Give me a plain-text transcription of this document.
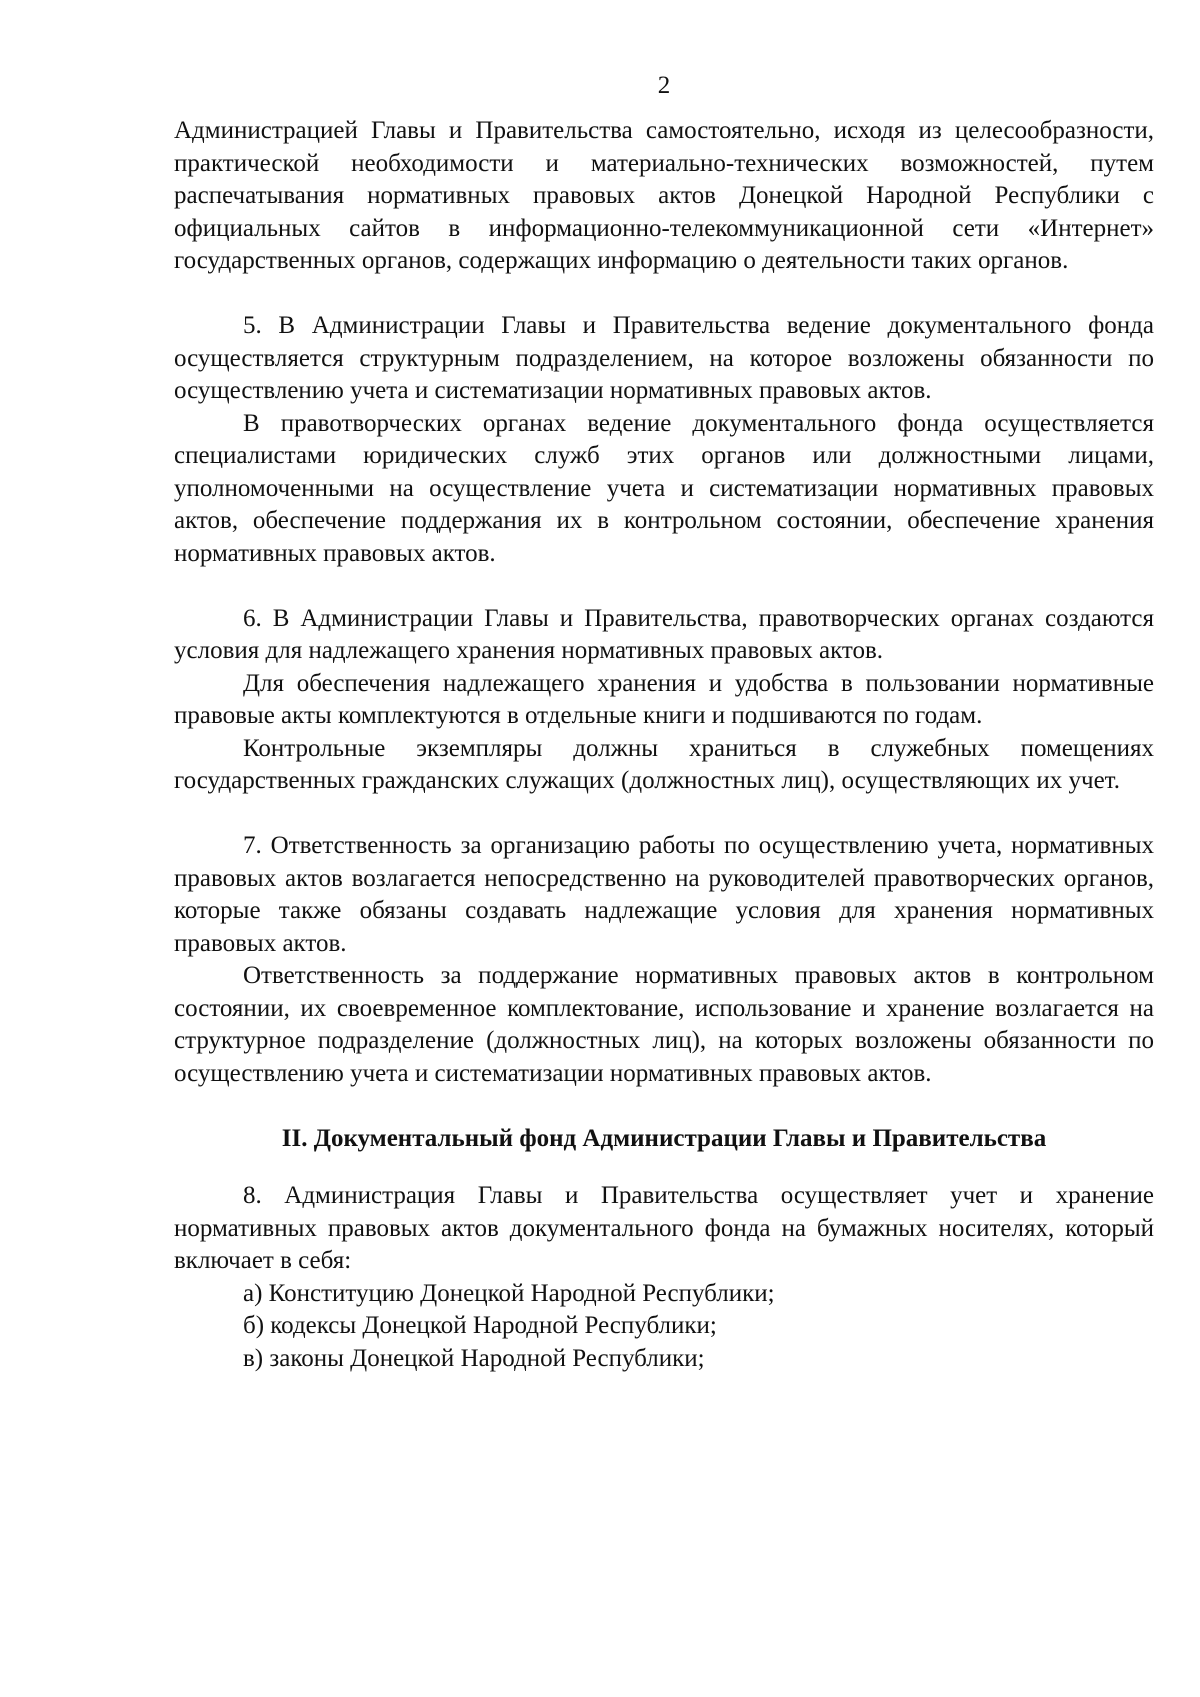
2

Администрацией Главы и Правительства самостоятельно, исходя из целесообразности, практической необходимости и материально-технических возможностей, путем распечатывания нормативных правовых актов Донецкой Народной Республики с официальных сайтов в информационно-телекоммуникационной сети «Интернет» государственных органов, содержащих информацию о деятельности таких органов.

5. В Администрации Главы и Правительства ведение документального фонда осуществляется структурным подразделением, на которое возложены обязанности по осуществлению учета и систематизации нормативных правовых актов.

В правотворческих органах ведение документального фонда осуществляется специалистами юридических служб этих органов или должностными лицами, уполномоченными на осуществление учета и систематизации нормативных правовых актов, обеспечение поддержания их в контрольном состоянии, обеспечение хранения нормативных правовых актов.

6. В Администрации Главы и Правительства, правотворческих органах создаются условия для надлежащего хранения нормативных правовых актов.

Для обеспечения надлежащего хранения и удобства в пользовании нормативные правовые акты комплектуются в отдельные книги и подшиваются по годам.

Контрольные экземпляры должны храниться в служебных помещениях государственных гражданских служащих (должностных лиц), осуществляющих их учет.

7. Ответственность за организацию работы по осуществлению учета, нормативных правовых актов возлагается непосредственно на руководителей правотворческих органов, которые также обязаны создавать надлежащие условия для хранения нормативных правовых актов.

Ответственность за поддержание нормативных правовых актов в контрольном состоянии, их своевременное комплектование, использование и хранение возлагается на структурное подразделение (должностных лиц), на которых возложены обязанности по осуществлению учета и систематизации нормативных правовых актов.

II. Документальный фонд Администрации Главы и Правительства

8. Администрация Главы и Правительства осуществляет учет и хранение нормативных правовых актов документального фонда на бумажных носителях, который включает в себя:

а) Конституцию Донецкой Народной Республики;

б) кодексы Донецкой Народной Республики;

в) законы Донецкой Народной Республики;
